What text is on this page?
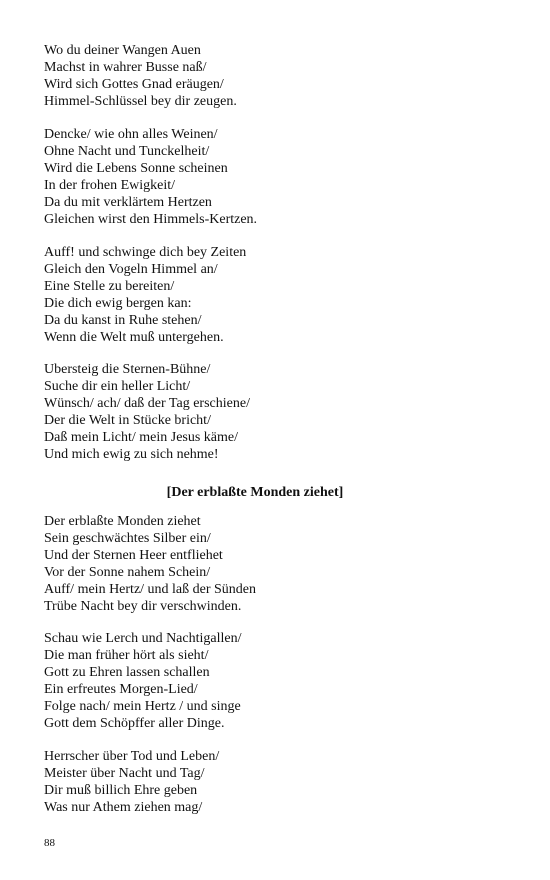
Wo du deiner Wangen Auen
Machst in wahrer Busse naß/
Wird sich Gottes Gnad eräugen/
Himmel-Schlüssel bey dir zeugen.
Dencke/ wie ohn alles Weinen/
Ohne Nacht und Tunckelheit/
Wird die Lebens Sonne scheinen
In der frohen Ewigkeit/
Da du mit verklärtem Hertzen
Gleichen wirst den Himmels-Kertzen.
Auff! und schwinge dich bey Zeiten
Gleich den Vogeln Himmel an/
Eine Stelle zu bereiten/
Die dich ewig bergen kan:
Da du kanst in Ruhe stehen/
Wenn die Welt muß untergehen.
Ubersteig die Sternen-Bühne/
Suche dir ein heller Licht/
Wünsch/ ach/ daß der Tag erschiene/
Der die Welt in Stücke bricht/
Daß mein Licht/ mein Jesus käme/
Und mich ewig zu sich nehme!
[Der erblaßte Monden ziehet]
Der erblaßte Monden ziehet
Sein geschwächtes Silber ein/
Und der Sternen Heer entfliehet
Vor der Sonne nahem Schein/
Auff/ mein Hertz/ und laß der Sünden
Trübe Nacht bey dir verschwinden.
Schau wie Lerch und Nachtigallen/
Die man früher hört als sieht/
Gott zu Ehren lassen schallen
Ein erfreutes Morgen-Lied/
Folge nach/ mein Hertz / und singe
Gott dem Schöpffer aller Dinge.
Herrscher über Tod und Leben/
Meister über Nacht und Tag/
Dir muß billich Ehre geben
Was nur Athem ziehen mag/
88
